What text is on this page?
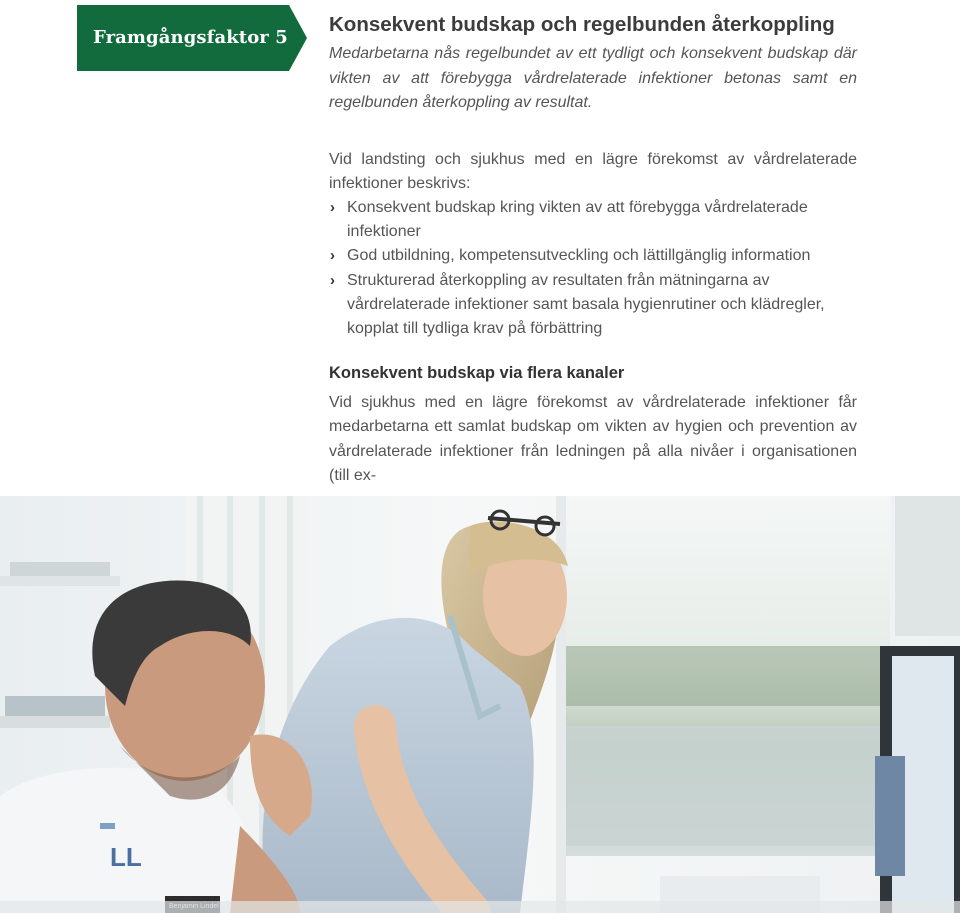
Framgångsfaktor 5
Konsekvent budskap och regelbunden återkoppling

Medarbetarna nås regelbundet av ett tydligt och konsekvent budskap där vikten av att förebygga vårdrelaterade infektioner betonas samt en regelbunden återkoppling av resultat.

Vid landsting och sjukhus med en lägre förekomst av vårdrelaterade infektioner beskrivs:

› Konsekvent budskap kring vikten av att förebygga vårdrelaterade infektioner
› God utbildning, kompetensutveckling och lättillgänglig information
› Strukturerad återkoppling av resultaten från mätningarna av vårdrelaterade infektioner samt basala hygienrutiner och klädregler, kopplat till tydliga krav på förbättring
Konsekvent budskap via flera kanaler

Vid sjukhus med en lägre förekomst av vårdrelaterade infektioner får medarbetarna ett samlat budskap om vikten av hygien och prevention av vårdrelaterade infektioner från ledningen på alla nivåer i organisationen (till ex-

LL
